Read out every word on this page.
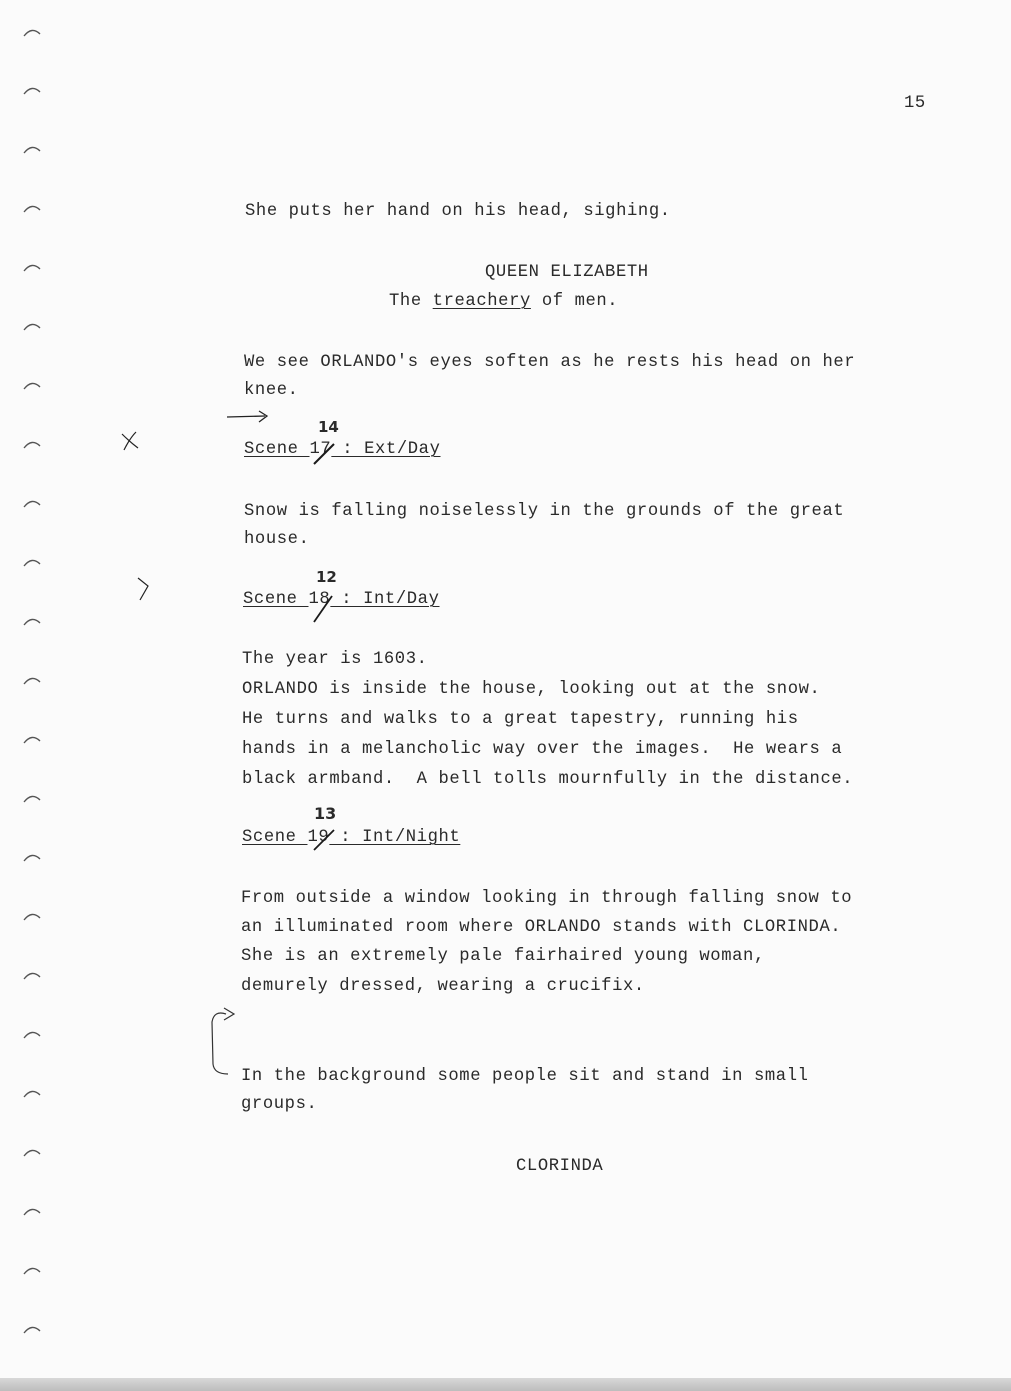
15
She puts her hand on his head, sighing.
QUEEN ELIZABETH
The treachery of men.
We see ORLANDO's eyes soften as he rests his head on her
knee.
14
Scene 17 : Ext/Day
Snow is falling noiselessly in the grounds of the great
house.
12
Scene 18 : Int/Day
The year is 1603.
ORLANDO is inside the house, looking out at the snow.
He turns and walks to a great tapestry, running his
hands in a melancholic way over the images.  He wears a
black armband.  A bell tolls mournfully in the distance.
13
Scene 19 : Int/Night
From outside a window looking in through falling snow to
an illuminated room where ORLANDO stands with CLORINDA.
She is an extremely pale fairhaired young woman,
demurely dressed, wearing a crucifix.
In the background some people sit and stand in small
groups.
CLORINDA
